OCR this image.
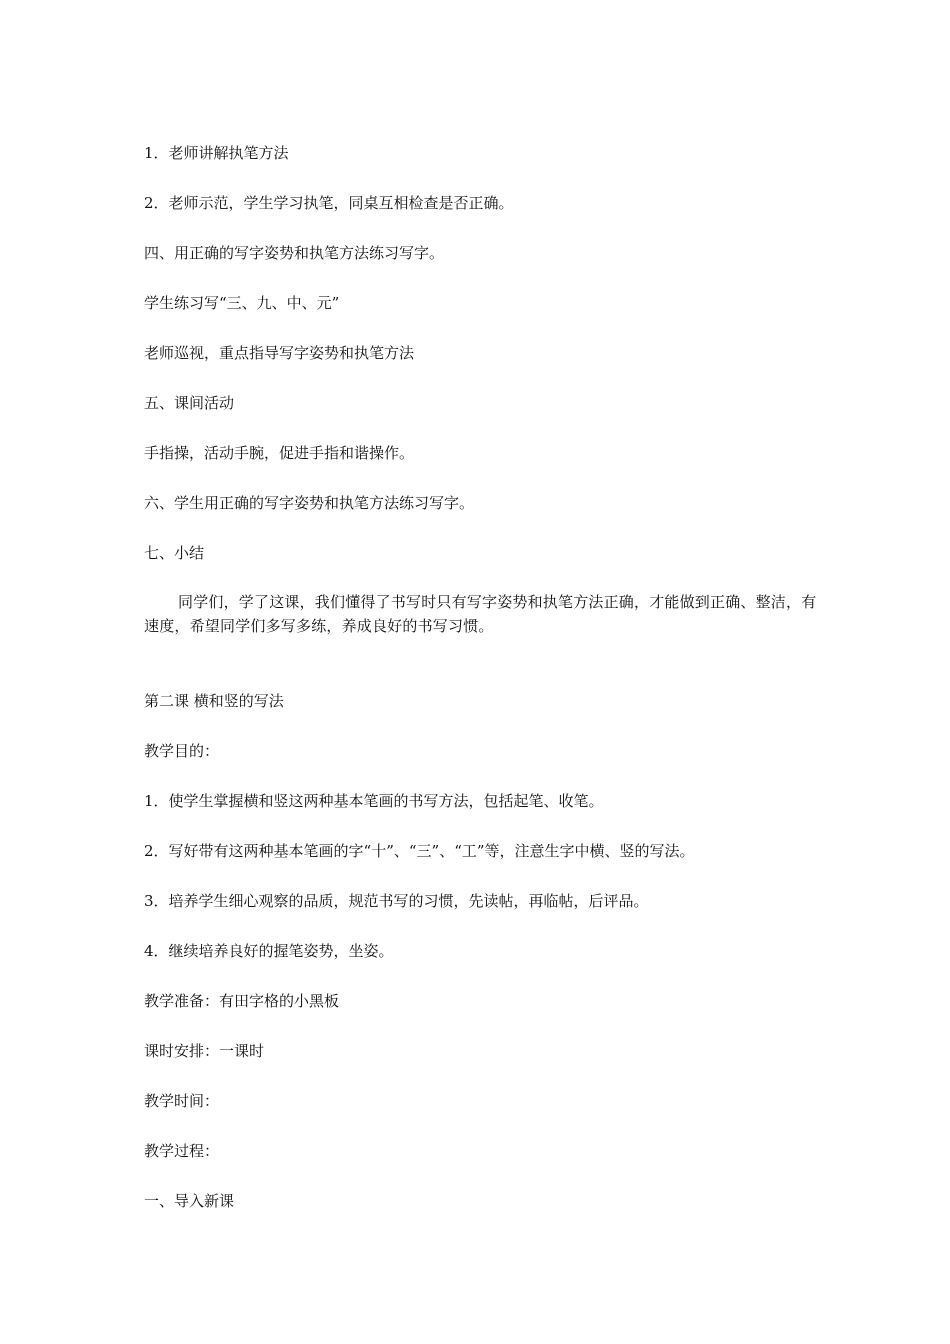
1．老师讲解执笔方法
2．老师示范，学生学习执笔，同桌互相检查是否正确。
四、用正确的写字姿势和执笔方法练习写字。
学生练习写“三、九、中、元”
老师巡视，重点指导写字姿势和执笔方法
五、课间活动
手指操，活动手腕，促进手指和谐操作。
六、学生用正确的写字姿势和执笔方法练习写字。
七、小结
同学们，学了这课，我们懂得了书写时只有写字姿势和执笔方法正确，才能做到正确、整洁，有速度，希望同学们多写多练，养成良好的书写习惯。
第二课 横和竖的写法
教学目的：
1．使学生掌握横和竖这两种基本笔画的书写方法，包括起笔、收笔。
2．写好带有这两种基本笔画的字“十”、“三”、“工”等，注意生字中横、竖的写法。
3．培养学生细心观察的品质，规范书写的习惯，先读帖，再临帖，后评品。
4．继续培养良好的握笔姿势，坐姿。
教学准备：有田字格的小黑板
课时安排：一课时
教学时间：
教学过程：
一、导入新课
